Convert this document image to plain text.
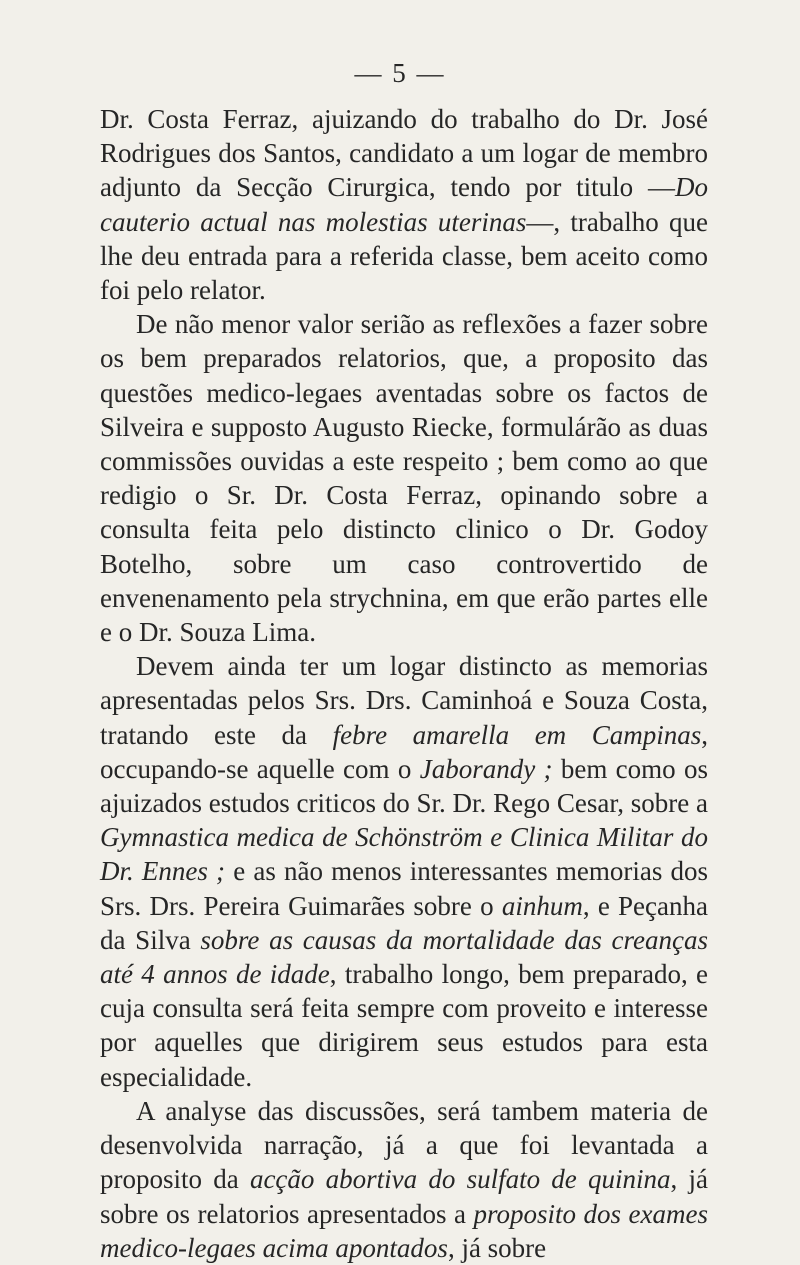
— 5 —

Dr. Costa Ferraz, ajuizando do trabalho do Dr. José Rodrigues dos Santos, candidato a um logar de membro adjunto da Secção Cirurgica, tendo por titulo —Do cauterio actual nas molestias uterinas—, trabalho que lhe deu entrada para a referida classe, bem aceito como foi pelo relator.

De não menor valor serião as reflexões a fazer sobre os bem preparados relatorios, que, a proposito das questões medico-legaes aventadas sobre os factos de Silveira e supposto Augusto Riecke, formulárão as duas commissões ouvidas a este respeito ; bem como ao que redigio o Sr. Dr. Costa Ferraz, opinando sobre a consulta feita pelo distincto clinico o Dr. Godoy Botelho, sobre um caso controvertido de envenenamento pela strychnina, em que erão partes elle e o Dr. Souza Lima.

Devem ainda ter um logar distincto as memorias apresentadas pelos Srs. Drs. Caminhoá e Souza Costa, tratando este da febre amarella em Campinas, occupando-se aquelle com o Jaborandy ; bem como os ajuizados estudos criticos do Sr. Dr. Rego Cesar, sobre a Gymnastica medica de Schönström e Clinica Militar do Dr. Ennes ; e as não menos interessantes memorias dos Srs. Drs. Pereira Guimarães sobre o ainhum, e Peçanha da Silva sobre as causas da mortalidade das creanças até 4 annos de idade, trabalho longo, bem preparado, e cuja consulta será feita sempre com proveito e interesse por aquelles que dirigirem seus estudos para esta especialidade.

A analyse das discussões, será tambem materia de desenvolvida narração, já a que foi levantada a proposito da acção abortiva do sulfato de quinina, já sobre os relatorios apresentados a proposito dos exames medico-legaes acima apontados, já sobre
